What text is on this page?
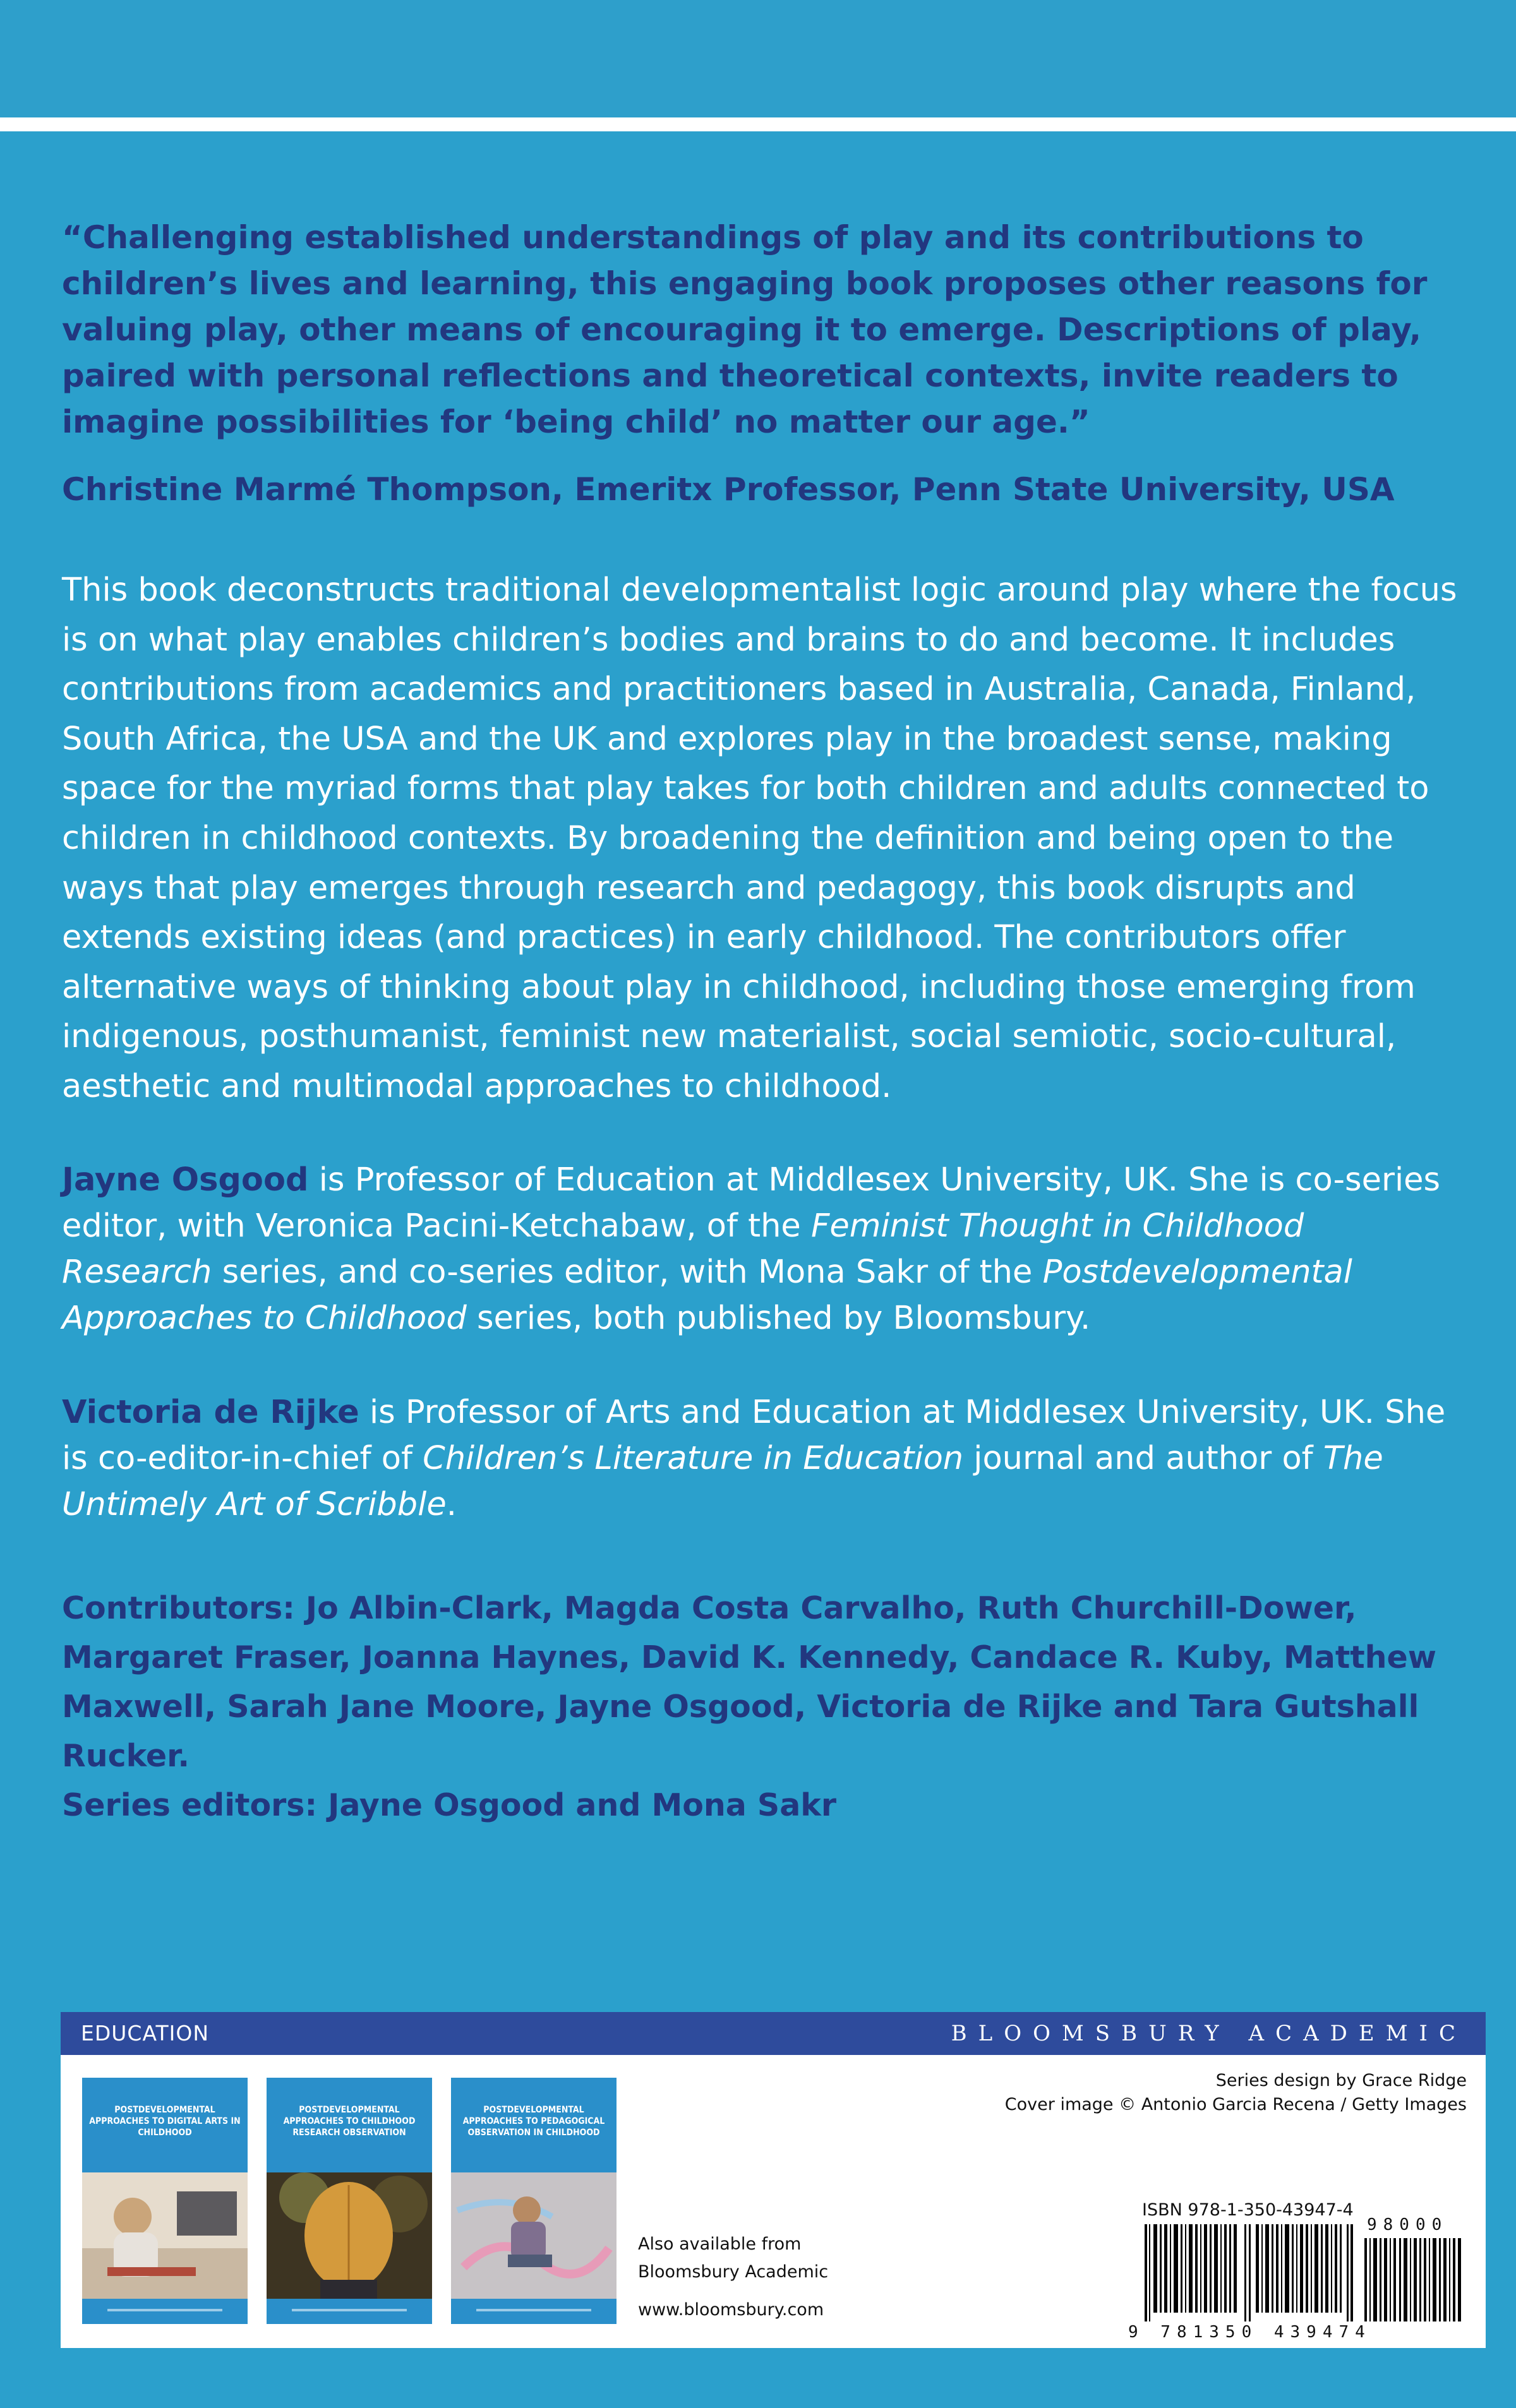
“Challenging established understandings of play and its contributions to children’s lives and learning, this engaging book proposes other reasons for valuing play, other means of encouraging it to emerge. Descriptions of play, paired with personal reflections and theoretical contexts, invite readers to imagine possibilities for ‘being child’ no matter our age.”
Christine Marmé Thompson, Emeritx Professor, Penn State University, USA
This book deconstructs traditional developmentalist logic around play where the focus is on what play enables children’s bodies and brains to do and become. It includes contributions from academics and practitioners based in Australia, Canada, Finland, South Africa, the USA and the UK and explores play in the broadest sense, making space for the myriad forms that play takes for both children and adults connected to children in childhood contexts. By broadening the definition and being open to the ways that play emerges through research and pedagogy, this book disrupts and extends existing ideas (and practices) in early childhood. The contributors offer alternative ways of thinking about play in childhood, including those emerging from indigenous, posthumanist, feminist new materialist, social semiotic, socio-cultural, aesthetic and multimodal approaches to childhood.
Jayne Osgood is Professor of Education at Middlesex University, UK. She is co-series editor, with Veronica Pacini-Ketchabaw, of the Feminist Thought in Childhood Research series, and co-series editor, with Mona Sakr of the Postdevelopmental Approaches to Childhood series, both published by Bloomsbury.
Victoria de Rijke is Professor of Arts and Education at Middlesex University, UK. She is co-editor-in-chief of Children’s Literature in Education journal and author of The Untimely Art of Scribble.
Contributors: Jo Albin-Clark, Magda Costa Carvalho, Ruth Churchill-Dower, Margaret Fraser, Joanna Haynes, David K. Kennedy, Candace R. Kuby, Matthew Maxwell, Sarah Jane Moore, Jayne Osgood, Victoria de Rijke and Tara Gutshall Rucker.
Series editors: Jayne Osgood and Mona Sakr
EDUCATION	BLOOMSBURY ACADEMIC
POSTDEVELOPMENTAL APPROACHES TO DIGITAL ARTS IN CHILDHOOD
POSTDEVELOPMENTAL APPROACHES TO CHILDHOOD RESEARCH OBSERVATION
POSTDEVELOPMENTAL APPROACHES TO PEDAGOGICAL OBSERVATION IN CHILDHOOD
Also available from
Bloomsbury Academic
www.bloomsbury.com
Series design by Grace Ridge
Cover image © Antonio Garcia Recena / Getty Images
ISBN 978-1-350-43947-4
9 781350 439474
98000
